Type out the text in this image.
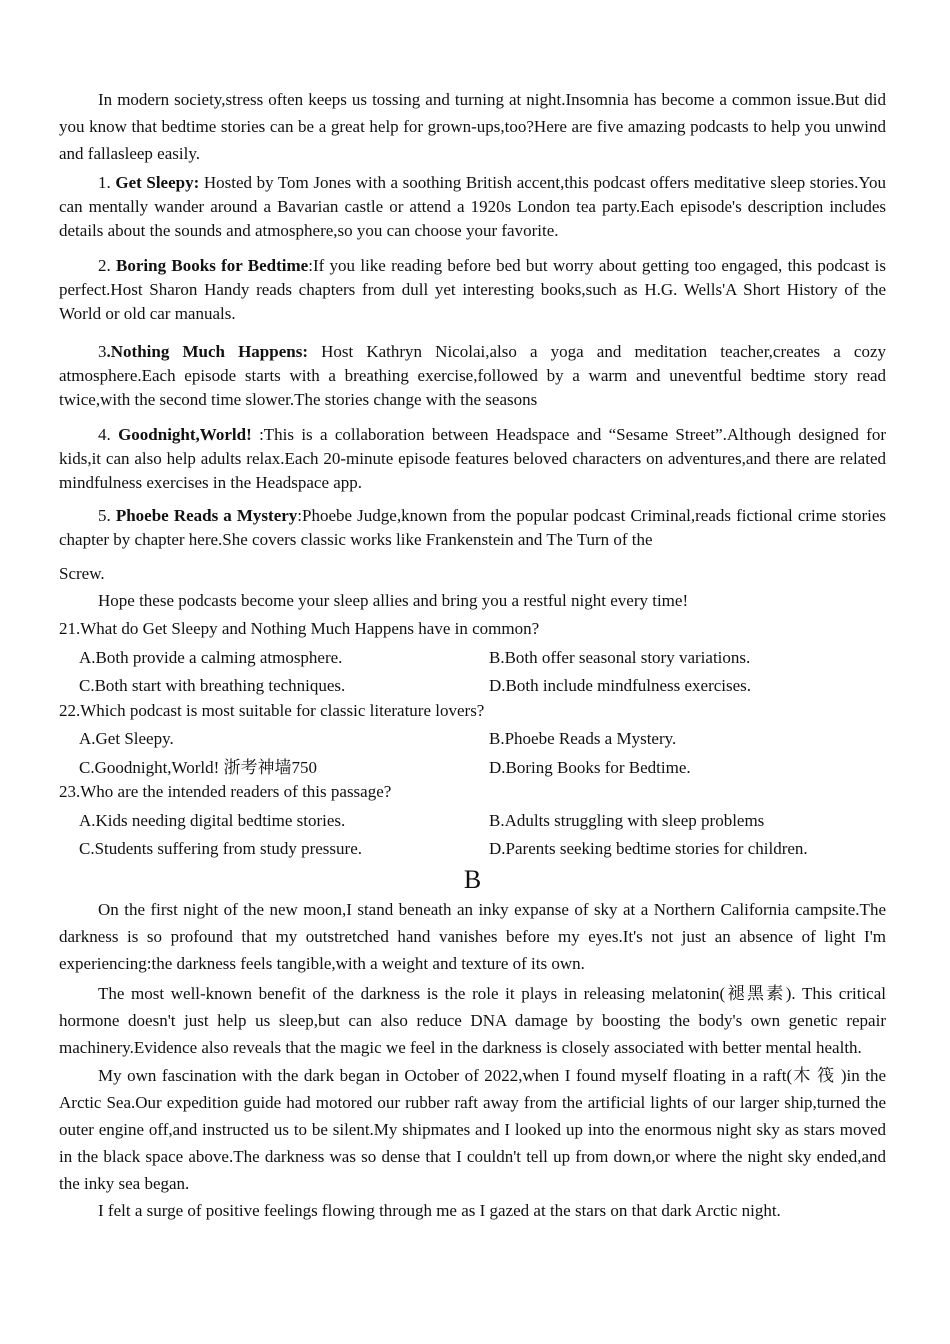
In modern society,stress often keeps us tossing and turning at night.Insomnia has become a common issue.But did you know that bedtime stories can be a great help for grown-ups,too?Here are five amazing podcasts to help you unwind and fallasleep easily.

1. Get Sleepy: Hosted by Tom Jones with a soothing British accent,this podcast offers meditative sleep stories.You can mentally wander around a Bavarian castle or attend a 1920s London tea party.Each episode's description includes details about the sounds and atmosphere,so you can choose your favorite.

2. Boring Books for Bedtime:If you like reading before bed but worry about getting too engaged, this podcast is perfect.Host Sharon Handy reads chapters from dull yet interesting books,such as H.G. Wells'A Short History of the World or old car manuals.

3.Nothing Much Happens: Host Kathryn Nicolai,also a yoga and meditation teacher,creates a cozy atmosphere.Each episode starts with a breathing exercise,followed by a warm and uneventful bedtime story read twice,with the second time slower.The stories change with the seasons

4. Goodnight,World! :This is a collaboration between Headspace and “Sesame Street”.Although designed for kids,it can also help adults relax.Each 20-minute episode features beloved characters on adventures,and there are related mindfulness exercises in the Headspace app.

5. Phoebe Reads a Mystery:Phoebe Judge,known from the popular podcast Criminal,reads fictional crime stories chapter by chapter here.She covers classic works like Frankenstein and The Turn of the

Screw.

Hope these podcasts become your sleep allies and bring you a restful night every time!

21.What do Get Sleepy and Nothing Much Happens have in common?

A.Both provide a calming atmosphere.	B.Both offer seasonal story variations.
C.Both start with breathing techniques.	D.Both include mindfulness exercises.

22.Which podcast is most suitable for classic literature lovers?

A.Get Sleepy.	B.Phoebe Reads a Mystery.
C.Goodnight,World! 浙考神墙750	D.Boring Books for Bedtime.

23.Who are the intended readers of this passage?

A.Kids needing digital bedtime stories.	B.Adults struggling with sleep problems
C.Students suffering from study pressure.	D.Parents seeking bedtime stories for children.

B

On the first night of the new moon,I stand beneath an inky expanse of sky at a Northern California campsite.The darkness is so profound that my outstretched hand vanishes before my eyes.It's not just an absence of light I'm experiencing:the darkness feels tangible,with a weight and texture of its own.

The most well-known benefit of the darkness is the role it plays in releasing melatonin(褪黑素). This critical hormone doesn't just help us sleep,but can also reduce DNA damage by boosting the body's own genetic repair machinery.Evidence also reveals that the magic we feel in the darkness is closely associated with better mental health.

My own fascination with the dark began in October of 2022,when I found myself floating in a raft(木 筏 )in the Arctic Sea.Our expedition guide had motored our rubber raft away from the artificial lights of our larger ship,turned the outer engine off,and instructed us to be silent.My shipmates and I looked up into the enormous night sky as stars moved in the black space above.The darkness was so dense that I couldn't tell up from down,or where the night sky ended,and the inky sea began.

I felt a surge of positive feelings flowing through me as I gazed at the stars on that dark Arctic night.
